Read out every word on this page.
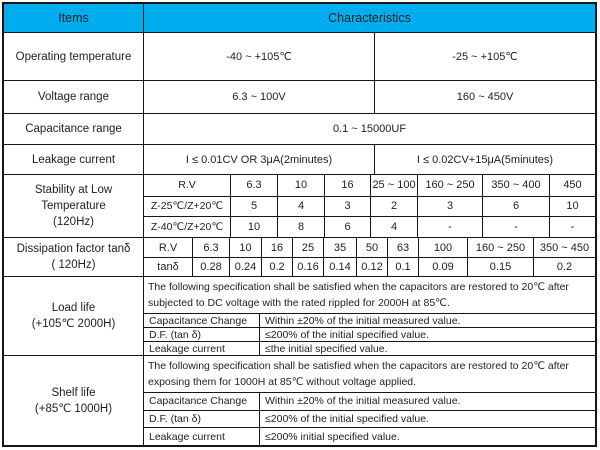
Items	Characteristics
Operating temperature	-40 ~ +105℃	-25 ~ +105℃
Voltage range	6.3 ~ 100V	160 ~ 450V
Capacitance range	0.1 ~ 15000UF
Leakage current	I ≤ 0.01CV OR 3μA(2minutes)	I ≤ 0.02CV+15μA(5minutes)
Stability at Low
Temperature
(120Hz)
R.V	6.3	10	16	25 ~ 100 160 ~ 250	350 ~ 400	450
Z-25℃/Z+20℃	5	4	3	2	3	6	10
Z-40℃/Z+20℃	10	8	6	4	-	-	-
Dissipation factor tanδ
( 120Hz)
R.V	6.3	10	16	25	35	50	63	100	160 ~ 250	350 ~ 450
tanδ	0.28	0.24	0.2	0.16 0.14 0.12	0.1	0.09	0.15	0.2
Load life
(+105℃ 2000H)
The following specification shall be satisfied when the capacitors are restored to 20℃ after
subjected to DC voltage with the rated rippled for 2000H at 85℃.
Capacitance Change	Within ±20% of the initial measured value.
D.F. (tan δ)	≤200% of the initial specified value.
Leakage current	≤the initial specified value.
Shelf life
(+85℃ 1000H)
The following specification shall be satisfied when the capacitors are restored to 20℃ after
exposing them for 1000H at 85℃ without voltage applied.
Capacitance Change	Within ±20% of the initial measured value.
D.F. (tan δ)	≤200% of the initial specified value.
Leakage current	≤200% initial specified value.
